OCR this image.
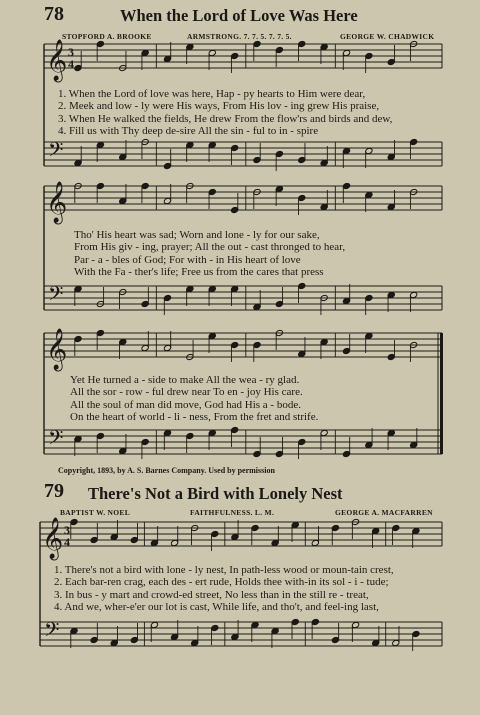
𝄞
𝄢
𝄞
𝄢
𝄞
𝄢
3
4
𝄞
𝄢
3
4
78	When the Lord of Love Was Here
STOPFORD A. BROOKE	ARMSTRONG. 7. 7. 5. 7. 7. 5.	GEORGE W. CHADWICK
1. When the Lord of love was here, Hap - py hearts to Him were dear,
2. Meek and low - ly were His ways, From His lov - ing grew His praise,
3. When He walked the fields, He drew From the flow'rs and birds and dew,
4. Fill us with Thy deep de-sire All the sin - ful to in - spire
Tho' His heart was sad; Worn and lone - ly for our sake,
From His giv - ing, prayer; All the out - cast thronged to hear,
Par - a - bles of God; For with - in His heart of love
With the Fa - ther's life; Free us from the cares that press
Yet He turned a - side to make All the wea - ry glad.
All the sor - row - ful drew near To en - joy His care.
All the soul of man did move, God had His a - bode.
On the heart of world - li - ness, From the fret and strife.
Copyright, 1893, by A. S. Barnes Company. Used by permission
79 There's Not a Bird with Lonely Nest
BAPTIST W. NOEL	FAITHFULNESS. L. M.	GEORGE A. MACFARREN
1. There's not a bird with lone - ly nest, In path-less wood or moun-tain crest,
2. Each bar-ren crag, each des - ert rude, Holds thee with-in its sol - i - tude;
3. In bus - y mart and crowd-ed street, No less than in the still re - treat,
4. And we, wher-e'er our lot is cast, While life, and tho't, and feel-ing last,
